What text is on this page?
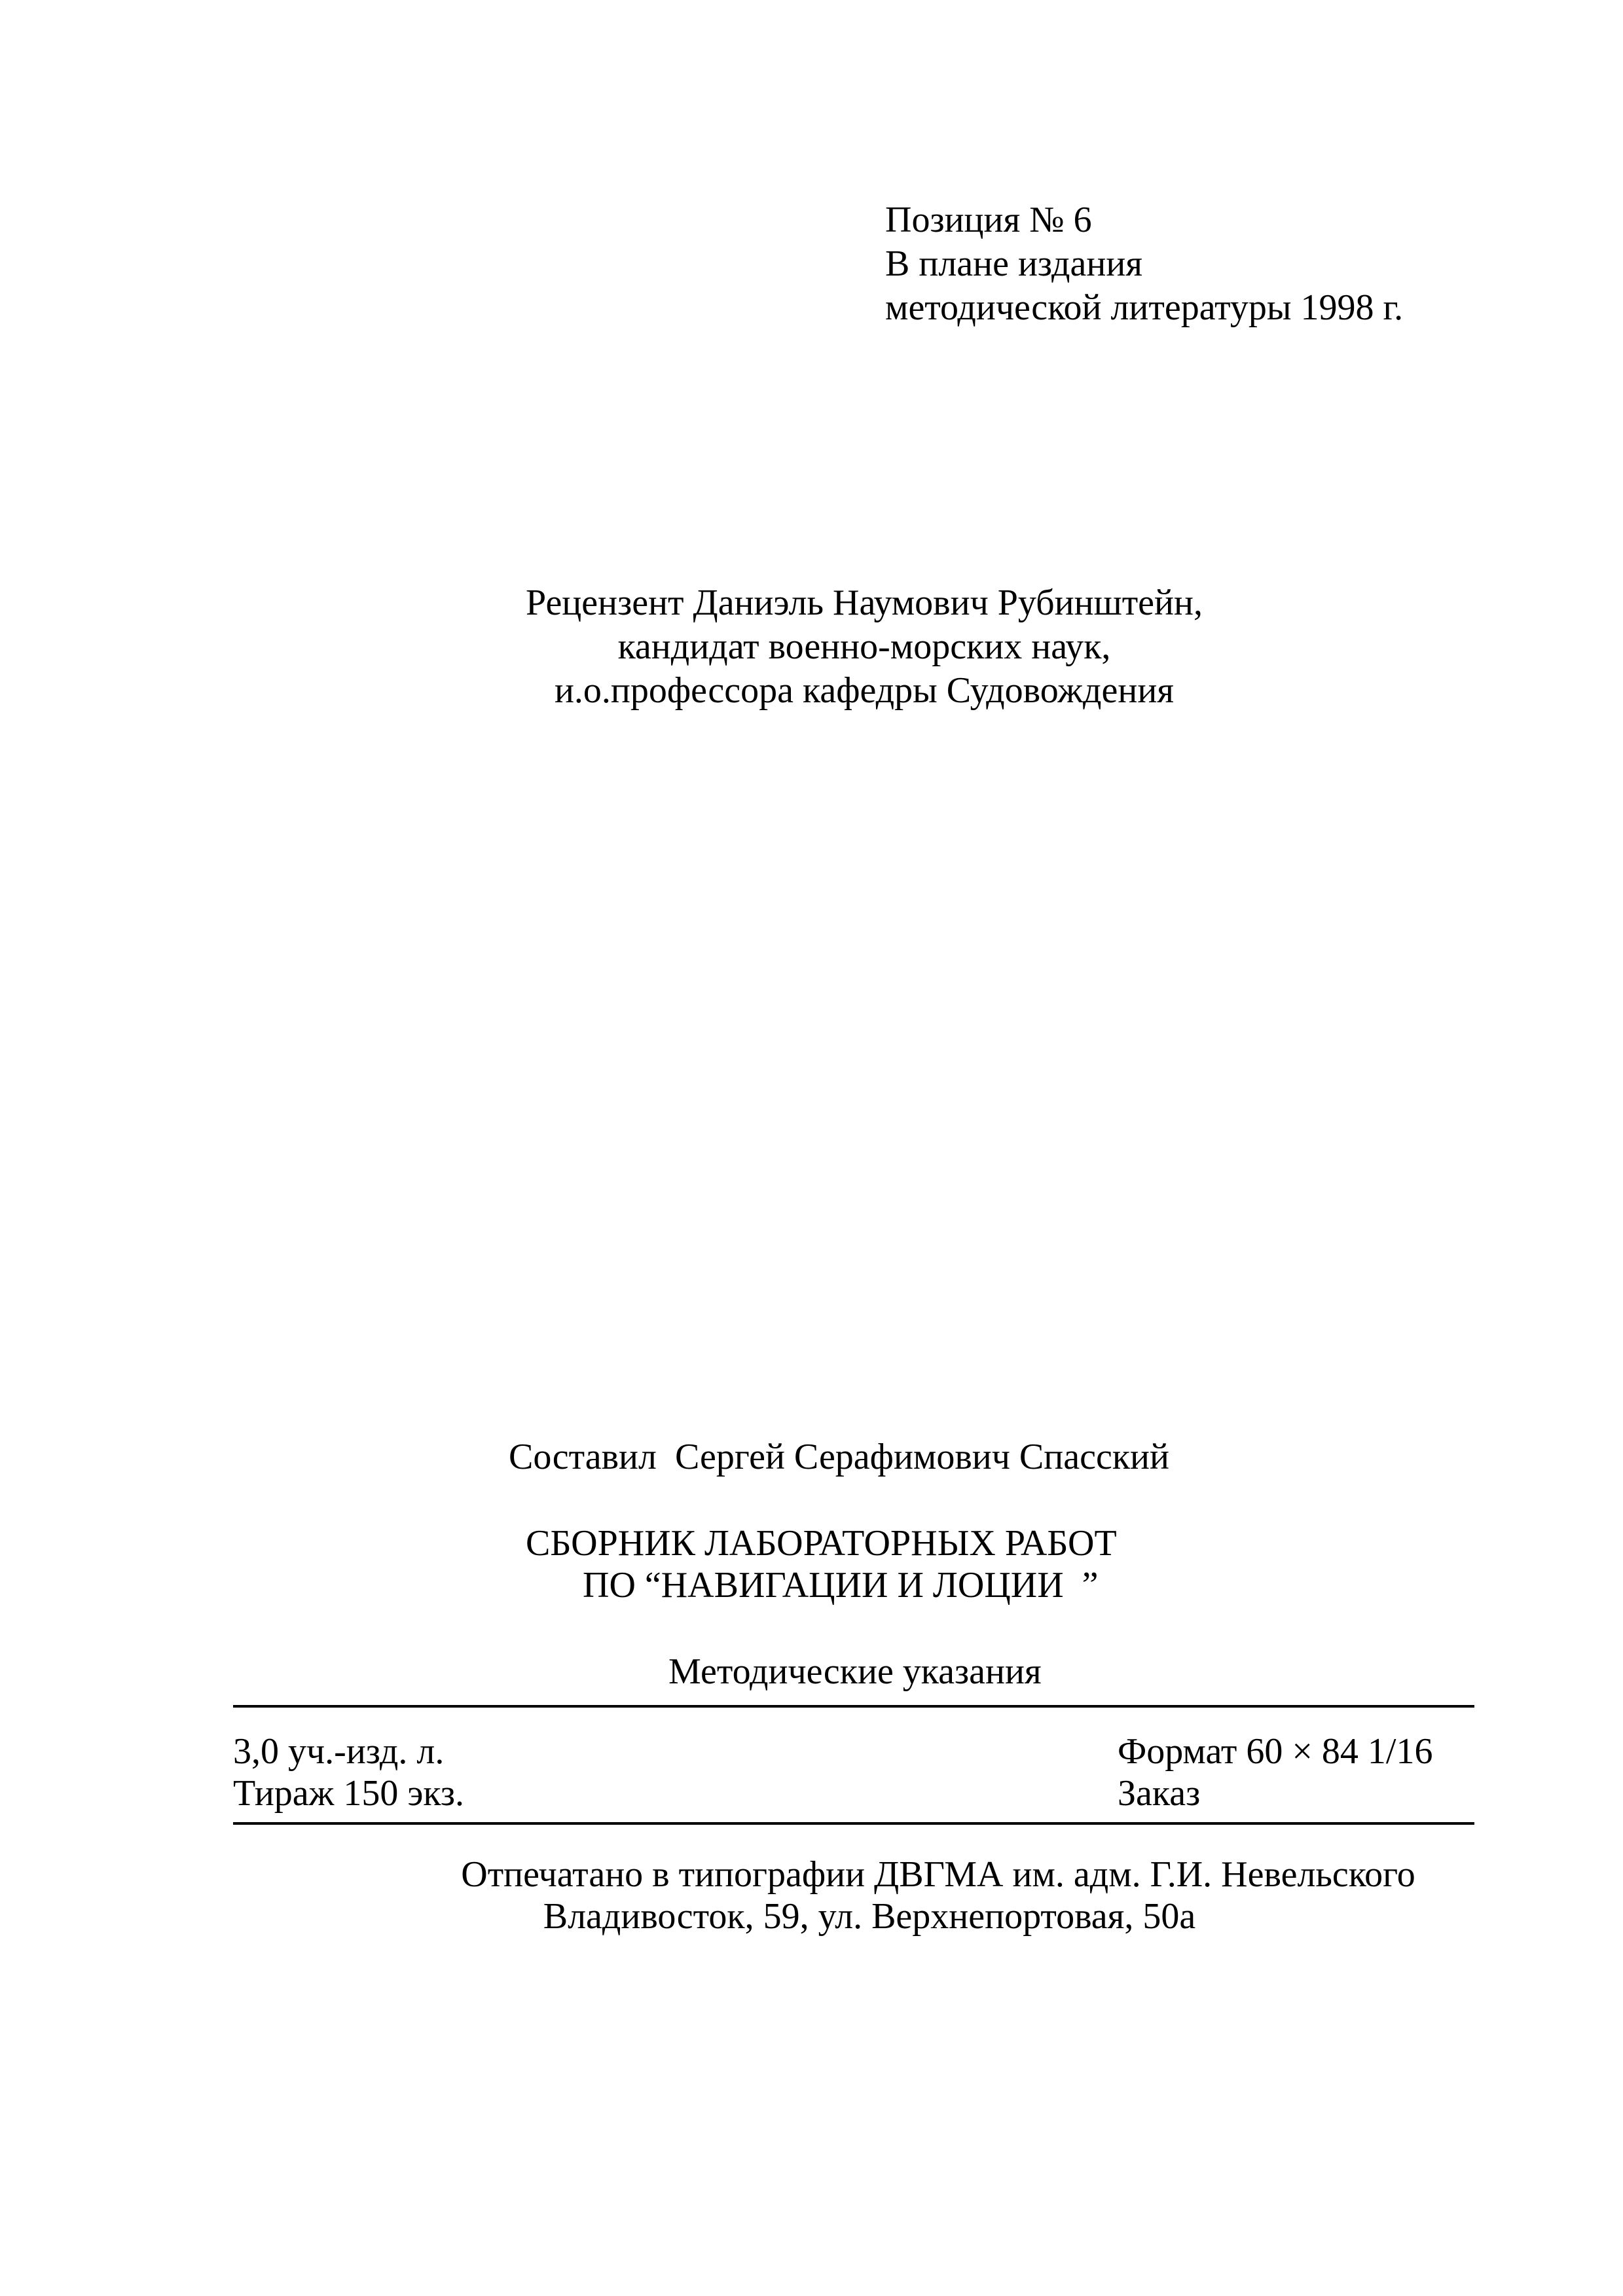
Позиция № 6
В плане издания
методической литературы 1998 г.
Рецензент Даниэль Наумович Рубинштейн,
кандидат военно-морских наук,
и.о.профессора кафедры Судовождения
Составил  Сергей Серафимович Спасский
СБОРНИК ЛАБОРАТОРНЫХ РАБОТ
ПО “НАВИГАЦИИ И ЛОЦИИ  ”
Методические указания
3,0 уч.-изд. л.	Формат 60 × 84 1/16
Тираж 150 экз.	Заказ
Отпечатано в типографии ДВГМА им. адм. Г.И. Невельского
Владивосток, 59, ул. Верхнепортовая, 50а
